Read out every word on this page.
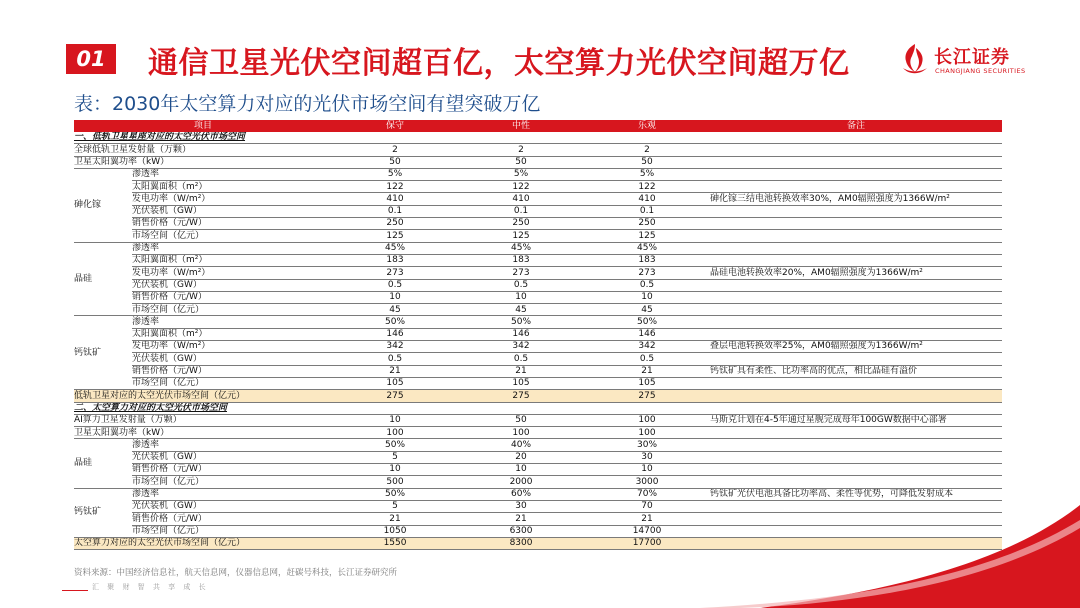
01	通信卫星光伏空间超百亿，太空算力光伏空间超万亿	长江证券
CHANGJIANG SECURITIES
表：2030年太空算力对应的光伏市场空间有望突破万亿
项目		保守	中性	乐观	备注
一、低轨卫星星座对应的太空光伏市场空间					
全球低轨卫星发射量（万颗）		2	2	2	
卫星太阳翼功率（kW）		50	50	50	
砷化镓	渗透率	5%	5%	5%	
	太阳翼面积（m²）	122	122	122	
	发电功率（W/m²）	410	410	410	砷化镓三结电池转换效率30%，AM0辐照强度为1366W/m²
	光伏装机（GW）	0.1	0.1	0.1	
	销售价格（元/W）	250	250	250	
	市场空间（亿元）	125	125	125	
晶硅	渗透率	45%	45%	45%	
	太阳翼面积（m²）	183	183	183	
	发电功率（W/m²）	273	273	273	晶硅电池转换效率20%，AM0辐照强度为1366W/m²
	光伏装机（GW）	0.5	0.5	0.5	
	销售价格（元/W）	10	10	10	
	市场空间（亿元）	45	45	45	
钙钛矿	渗透率	50%	50%	50%	
	太阳翼面积（m²）	146	146	146	
	发电功率（W/m²）	342	342	342	叠层电池转换效率25%，AM0辐照强度为1366W/m²
	光伏装机（GW）	0.5	0.5	0.5	
	销售价格（元/W）	21	21	21	钙钛矿具有柔性、比功率高的优点，相比晶硅有溢价
	市场空间（亿元）	105	105	105	
低轨卫星对应的太空光伏市场空间（亿元）		275	275	275	
二、太空算力对应的太空光伏市场空间					
AI算力卫星发射量（万颗）		10	50	100	马斯克计划在4-5年通过星舰完成每年100GW数据中心部署
卫星太阳翼功率（kW）		100	100	100	
晶硅	渗透率	50%	40%	30%	
	光伏装机（GW）	5	20	30	
	销售价格（元/W）	10	10	10	
	市场空间（亿元）	500	2000	3000	
钙钛矿	渗透率	50%	60%	70%	钙钛矿光伏电池具备比功率高、柔性等优势，可降低发射成本
	光伏装机（GW）	5	30	70	
	销售价格（元/W）	21	21	21	
	市场空间（亿元）	1050	6300	14700	
太空算力对应的太空光伏市场空间（亿元）		1550	8300	17700	
资料来源：中国经济信息社，航天信息网，仪器信息网，赶碳号科技，长江证券研究所
汇 聚 财 智 共 享 成 长
